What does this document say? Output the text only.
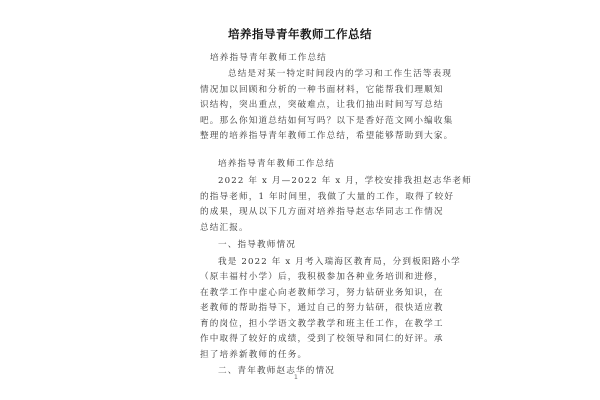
培养指导青年教师工作总结
培养指导青年教师工作总结
总结是对某一特定时间段内的学习和工作生活等表现
情况加以回顾和分析的一种书面材料，它能帮我们理顺知
识结构，突出重点，突破难点，让我们抽出时间写写总结
吧。那么你知道总结如何写吗？以下是香好范文网小编收集
整理的培养指导青年教师工作总结，希望能够帮助到大家。
培养指导青年教师工作总结
2022 年 x 月—2022 年 x 月，学校安排我担赵志华老师
的指导老师，1 年时间里，我做了大量的工作，取得了较好
的成果，现从以下几方面对培养指导赵志华同志工作情况
总结汇报。
一、指导教师情况
我是 2022 年 x 月考入瑞海区教育局，分到板阳路小学
（原丰福村小学）后，我积极参加各种业务培训和进修，
在教学工作中虚心向老教师学习，努力钻研业务知识，在
老教师的帮助指导下，通过自己的努力钻研，很快适应教
育的岗位，担小学语文教学教学和班主任工作，在教学工
作中取得了较好的成绩，受到了校领导和同仁的好评。承
担了培养新教师的任务。
二、青年教师赵志华的情况
1
